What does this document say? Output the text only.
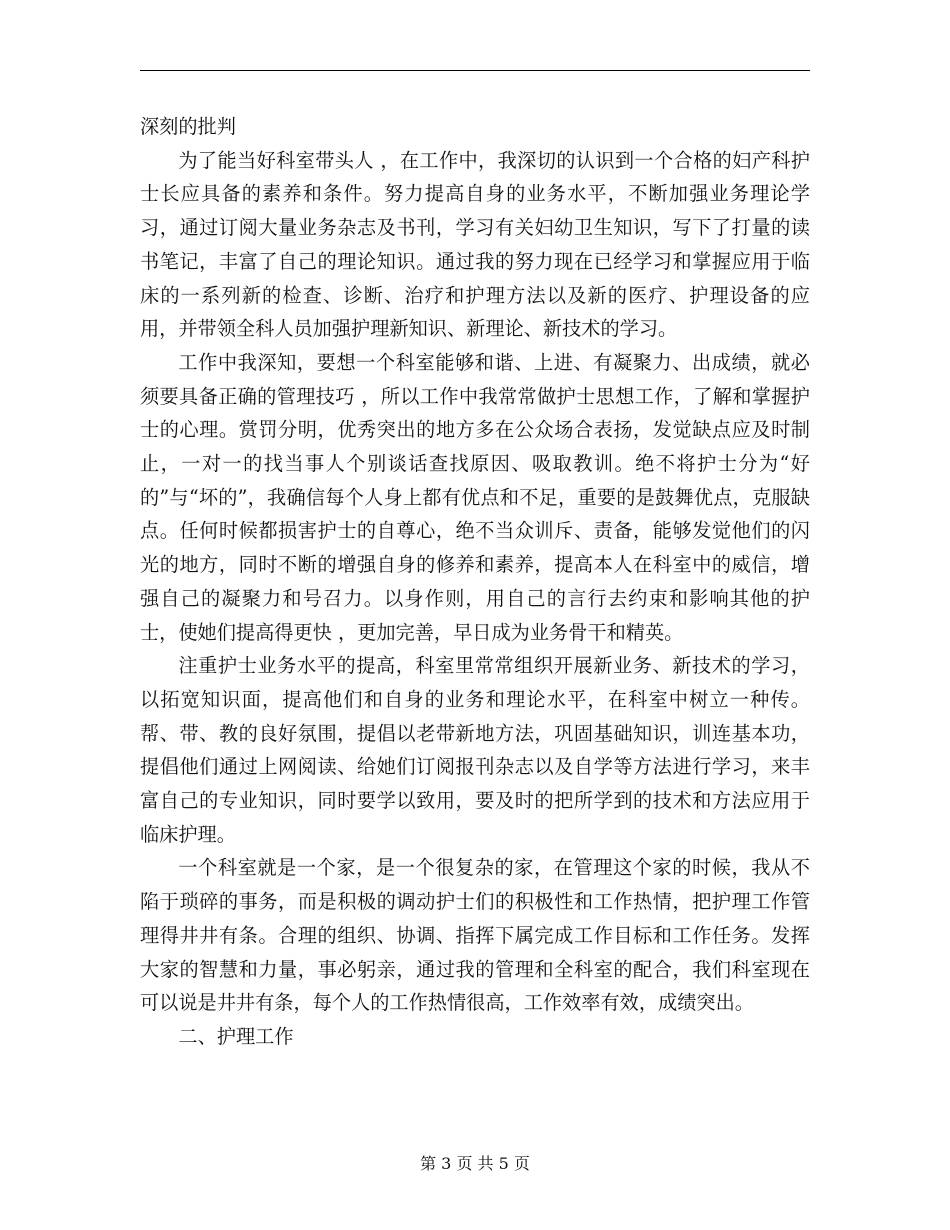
深刻的批判

为了能当好科室带头人 ，在工作中，我深切的认识到一个合格的妇产科护士长应具备的素养和条件。努力提高自身的业务水平，不断加强业务理论学习，通过订阅大量业务杂志及书刊，学习有关妇幼卫生知识，写下了打量的读书笔记，丰富了自己的理论知识。通过我的努力现在已经学习和掌握应用于临床的一系列新的检查、诊断、治疗和护理方法以及新的医疗、护理设备的应用，并带领全科人员加强护理新知识、新理论、新技术的学习。

工作中我深知，要想一个科室能够和谐、上进、有凝聚力、出成绩，就必须要具备正确的管理技巧 ，所以工作中我常常做护士思想工作，了解和掌握护士的心理。赏罚分明，优秀突出的地方多在公众场合表扬，发觉缺点应及时制止，一对一的找当事人个别谈话查找原因、吸取教训。绝不将护士分为“好的”与“坏的”，我确信每个人身上都有优点和不足，重要的是鼓舞优点，克服缺点。任何时候都损害护士的自尊心，绝不当众训斥、责备，能够发觉他们的闪光的地方，同时不断的增强自身的修养和素养，提高本人在科室中的威信，增强自己的凝聚力和号召力。以身作则，用自己的言行去约束和影响其他的护士，使她们提高得更快 ，更加完善，早日成为业务骨干和精英。

注重护士业务水平的提高，科室里常常组织开展新业务、新技术的学习，以拓宽知识面，提高他们和自身的业务和理论水平，在科室中树立一种传。帮、带、教的良好氛围，提倡以老带新地方法，巩固基础知识，训连基本功，提倡他们通过上网阅读、给她们订阅报刊杂志以及自学等方法进行学习，来丰富自己的专业知识，同时要学以致用，要及时的把所学到的技术和方法应用于临床护理。

一个科室就是一个家，是一个很复杂的家，在管理这个家的时候，我从不陷于琐碎的事务，而是积极的调动护士们的积极性和工作热情，把护理工作管理得井井有条。合理的组织、协调、指挥下属完成工作目标和工作任务。发挥大家的智慧和力量，事必躬亲，通过我的管理和全科室的配合，我们科室现在可以说是井井有条，每个人的工作热情很高，工作效率有效，成绩突出。

二、护理工作

第 3 页 共 5 页
